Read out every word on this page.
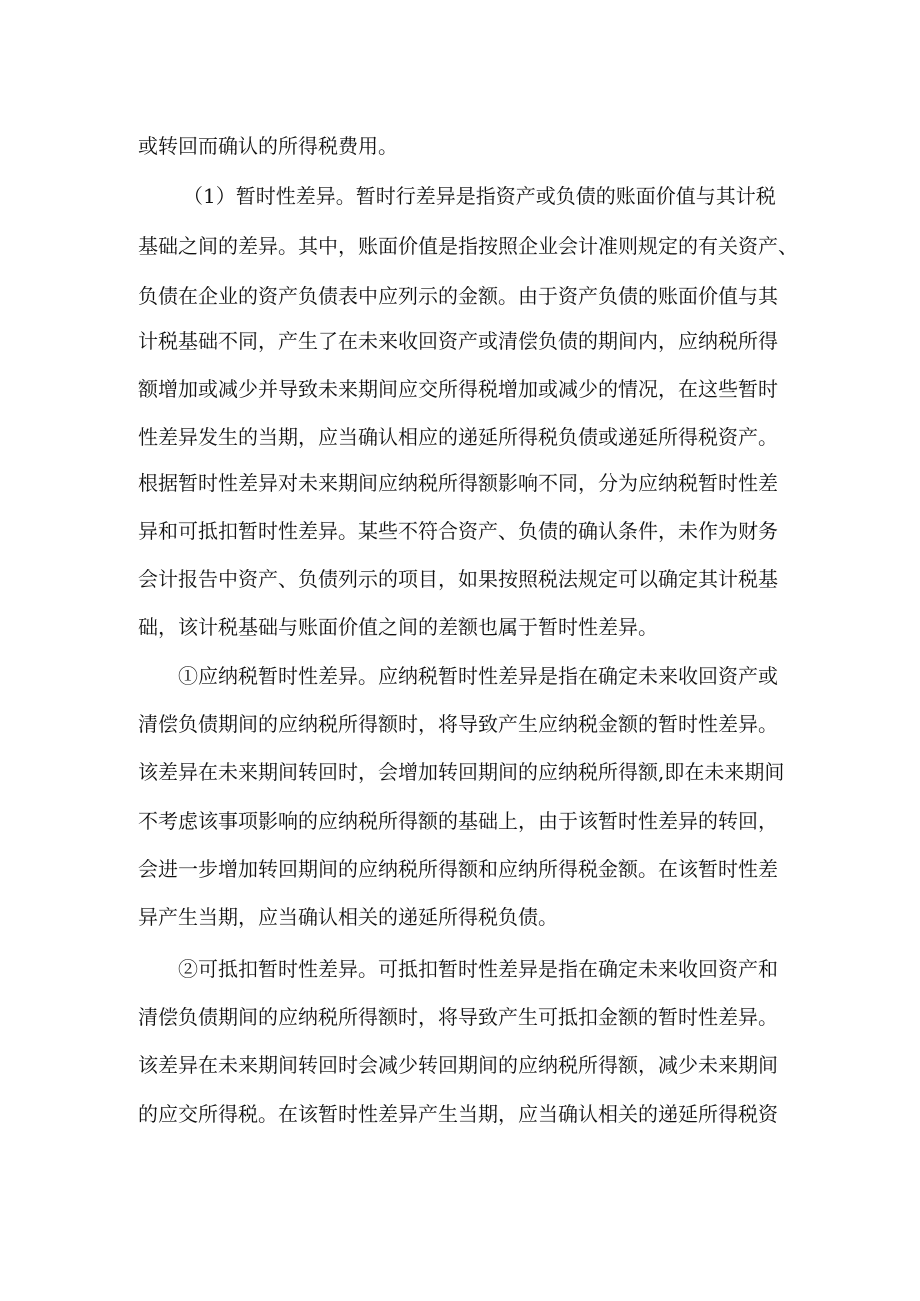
或转回而确认的所得税费用。
（1）暂时性差异。暂时行差异是指资产或负债的账面价值与其计税
基础之间的差异。其中，账面价值是指按照企业会计准则规定的有关资产、
负债在企业的资产负债表中应列示的金额。由于资产负债的账面价值与其
计税基础不同，产生了在未来收回资产或清偿负债的期间内，应纳税所得
额增加或减少并导致未来期间应交所得税增加或减少的情况，在这些暂时
性差异发生的当期，应当确认相应的递延所得税负债或递延所得税资产。
根据暂时性差异对未来期间应纳税所得额影响不同，分为应纳税暂时性差
异和可抵扣暂时性差异。某些不符合资产、负债的确认条件，未作为财务
会计报告中资产、负债列示的项目，如果按照税法规定可以确定其计税基
础，该计税基础与账面价值之间的差额也属于暂时性差异。
①应纳税暂时性差异。应纳税暂时性差异是指在确定未来收回资产或
清偿负债期间的应纳税所得额时，将导致产生应纳税金额的暂时性差异。
该差异在未来期间转回时，会增加转回期间的应纳税所得额,即在未来期间
不考虑该事项影响的应纳税所得额的基础上，由于该暂时性差异的转回，
会进一步增加转回期间的应纳税所得额和应纳所得税金额。在该暂时性差
异产生当期，应当确认相关的递延所得税负债。
②可抵扣暂时性差异。可抵扣暂时性差异是指在确定未来收回资产和
清偿负债期间的应纳税所得额时，将导致产生可抵扣金额的暂时性差异。
该差异在未来期间转回时会减少转回期间的应纳税所得额，减少未来期间
的应交所得税。在该暂时性差异产生当期，应当确认相关的递延所得税资
